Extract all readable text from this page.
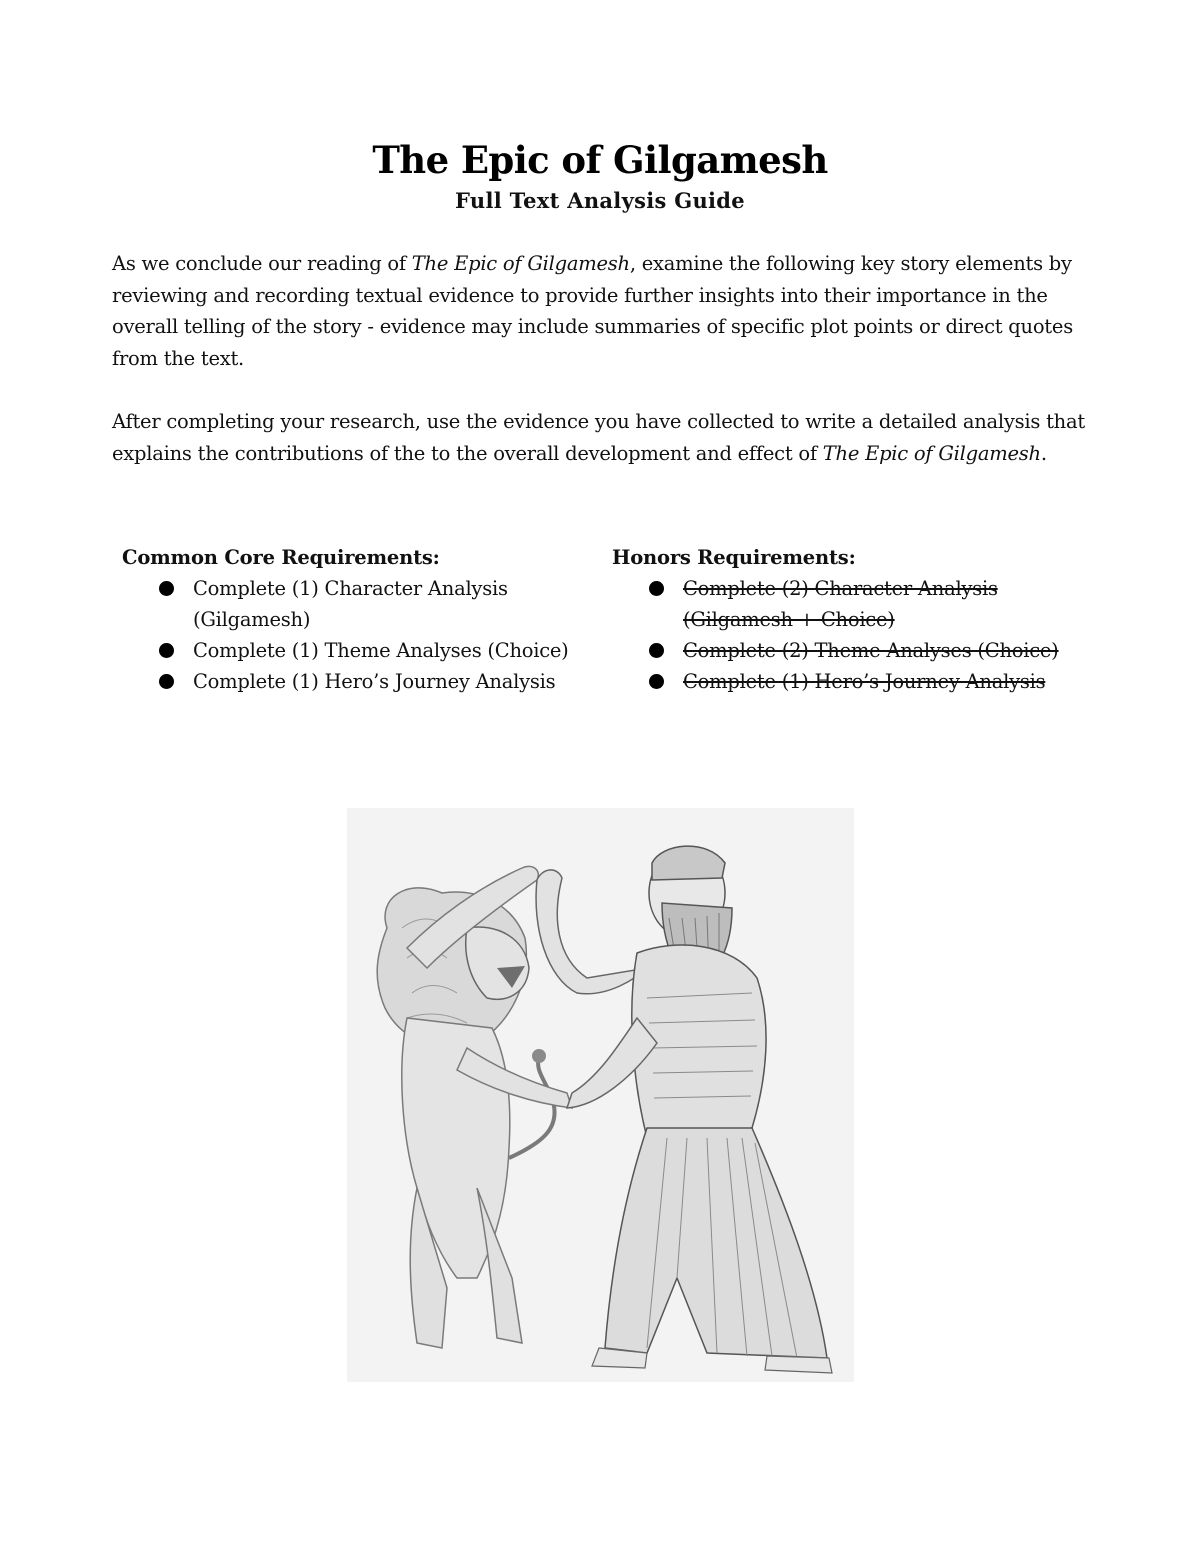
The Epic of Gilgamesh
Full Text Analysis Guide

As we conclude our reading of The Epic of Gilgamesh, examine the following key story elements by reviewing and recording textual evidence to provide further insights into their importance in the overall telling of the story - evidence may include summaries of specific plot points or direct quotes from the text.

After completing your research, use the evidence you have collected to write a detailed analysis that explains the contributions of the to the overall development and effect of The Epic of Gilgamesh.

Common Core Requirements:
Complete (1) Character Analysis (Gilgamesh)
Complete (1) Theme Analyses (Choice)
Complete (1) Hero’s Journey Analysis
Honors Requirements:
Complete (2) Character Analysis (Gilgamesh + Choice)
Complete (2) Theme Analyses (Choice)
Complete (1) Hero’s Journey Analysis
